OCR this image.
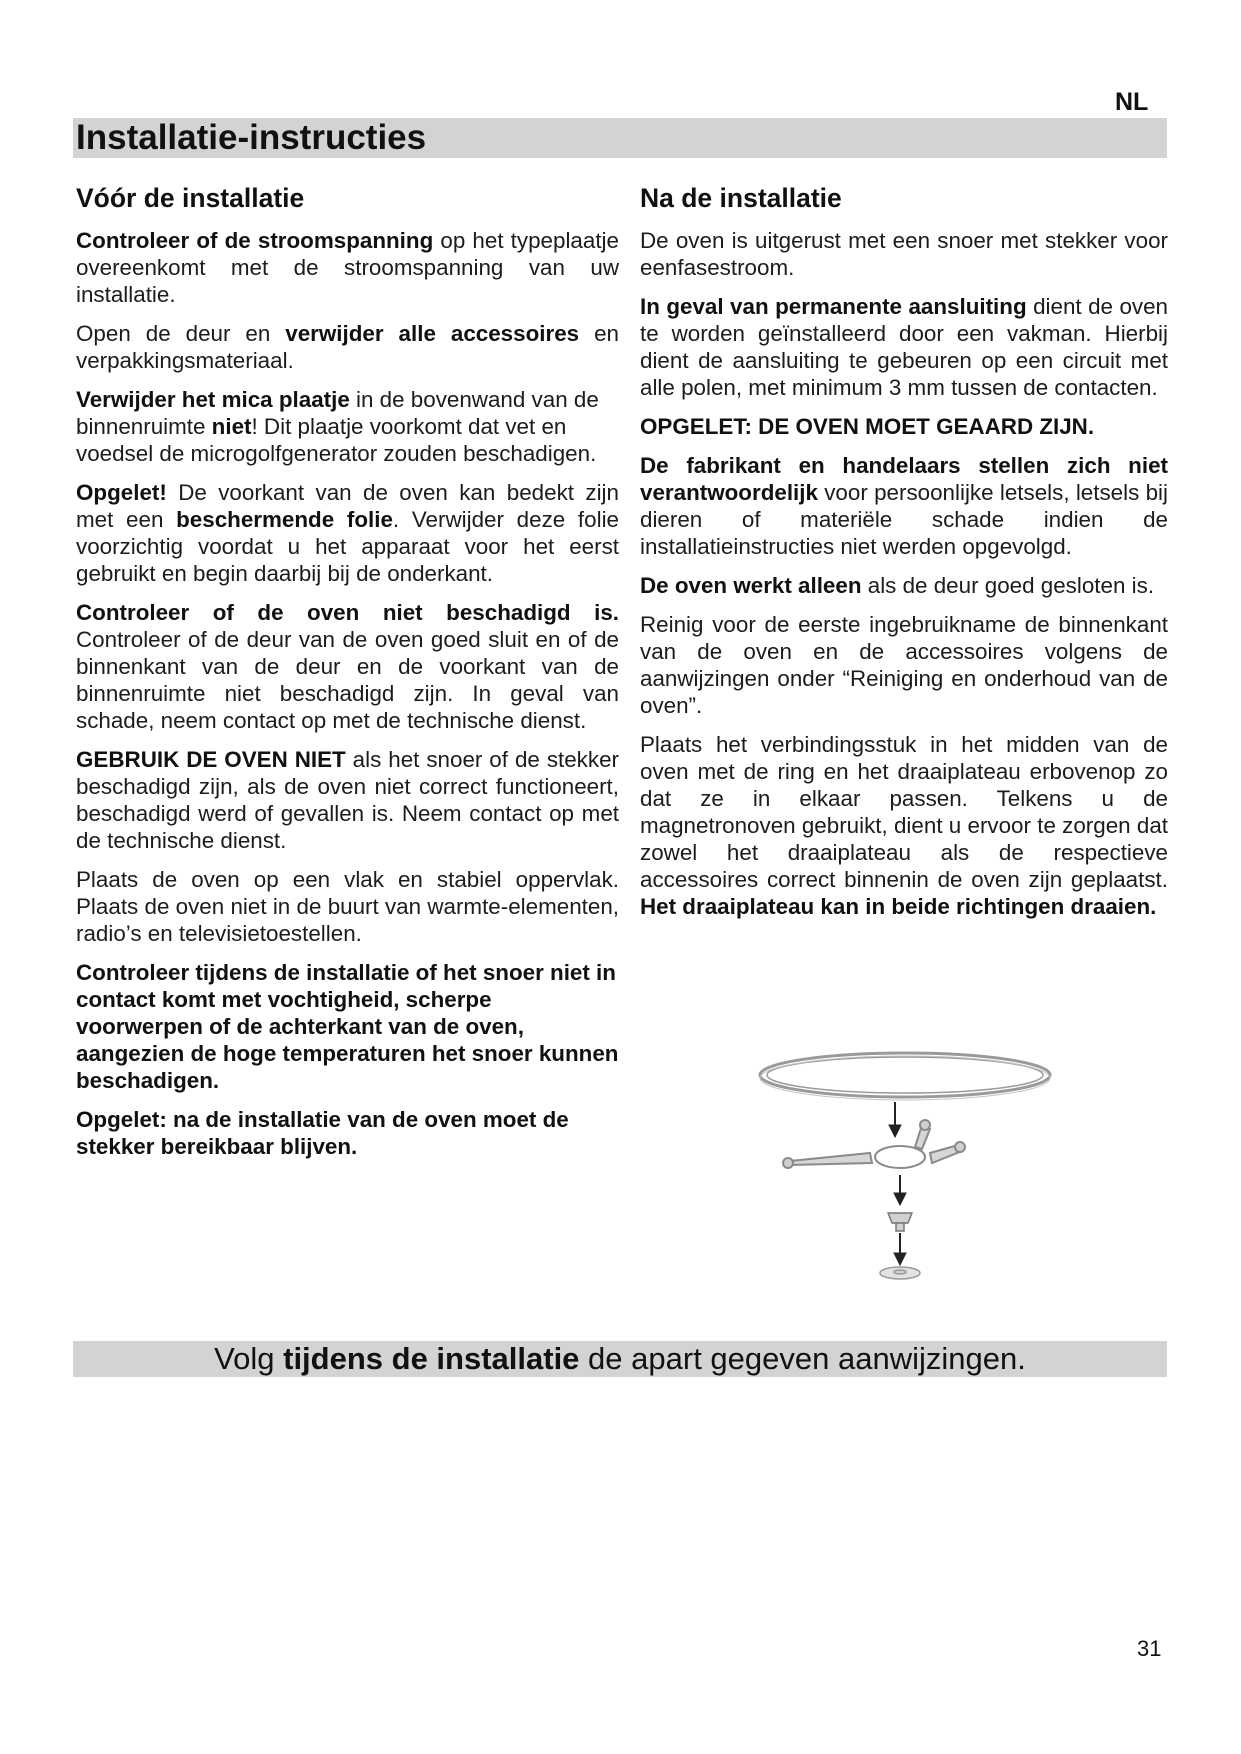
NL
Installatie-instructies
Vóór de installatie

Controleer of de stroomspanning op het typeplaatje overeenkomt met de stroomspanning van uw installatie.

Open de deur en verwijder alle accessoires en verpakkingsmateriaal.

Verwijder het mica plaatje in de bovenwand van de binnenruimte niet! Dit plaatje voorkomt dat vet en voedsel de microgolfgenerator zouden beschadigen.

Opgelet! De voorkant van de oven kan bedekt zijn met een beschermende folie. Verwijder deze folie voorzichtig voordat u het apparaat voor het eerst gebruikt en begin daarbij bij de onderkant.

Controleer of de oven niet beschadigd is. Controleer of de deur van de oven goed sluit en of de binnenkant van de deur en de voorkant van de binnenruimte niet beschadigd zijn. In geval van schade, neem contact op met de technische dienst.

GEBRUIK DE OVEN NIET als het snoer of de stekker beschadigd zijn, als de oven niet correct functioneert, beschadigd werd of gevallen is. Neem contact op met de technische dienst.

Plaats de oven op een vlak en stabiel oppervlak. Plaats de oven niet in de buurt van warmte-elementen, radio’s en televisietoestellen.

Controleer tijdens de installatie of het snoer niet in contact komt met vochtigheid, scherpe voorwerpen of de achterkant van de oven, aangezien de hoge temperaturen het snoer kunnen beschadigen.

Opgelet: na de installatie van de oven moet de stekker bereikbaar blijven.

Na de installatie

De oven is uitgerust met een snoer met stekker voor eenfasestroom.

In geval van permanente aansluiting dient de oven te worden geïnstalleerd door een vakman. Hierbij dient de aansluiting te gebeuren op een circuit met alle polen, met minimum 3 mm tussen de contacten.

OPGELET: DE OVEN MOET GEAARD ZIJN.

De fabrikant en handelaars stellen zich niet verantwoordelijk voor persoonlijke letsels, letsels bij dieren of materiële schade indien de installatieinstructies niet werden opgevolgd.

De oven werkt alleen als de deur goed gesloten is.

Reinig voor de eerste ingebruikname de binnenkant van de oven en de accessoires volgens de aanwijzingen onder “Reiniging en onderhoud van de oven”.

Plaats het verbindingsstuk in het midden van de oven met de ring en het draaiplateau erbovenop zo dat ze in elkaar passen. Telkens u de magnetronoven gebruikt, dient u ervoor te zorgen dat zowel het draaiplateau als de respectieve accessoires correct binnenin de oven zijn geplaatst. Het draaiplateau kan in beide richtingen draaien.

Volg tijdens de installatie de apart gegeven aanwijzingen.
31
